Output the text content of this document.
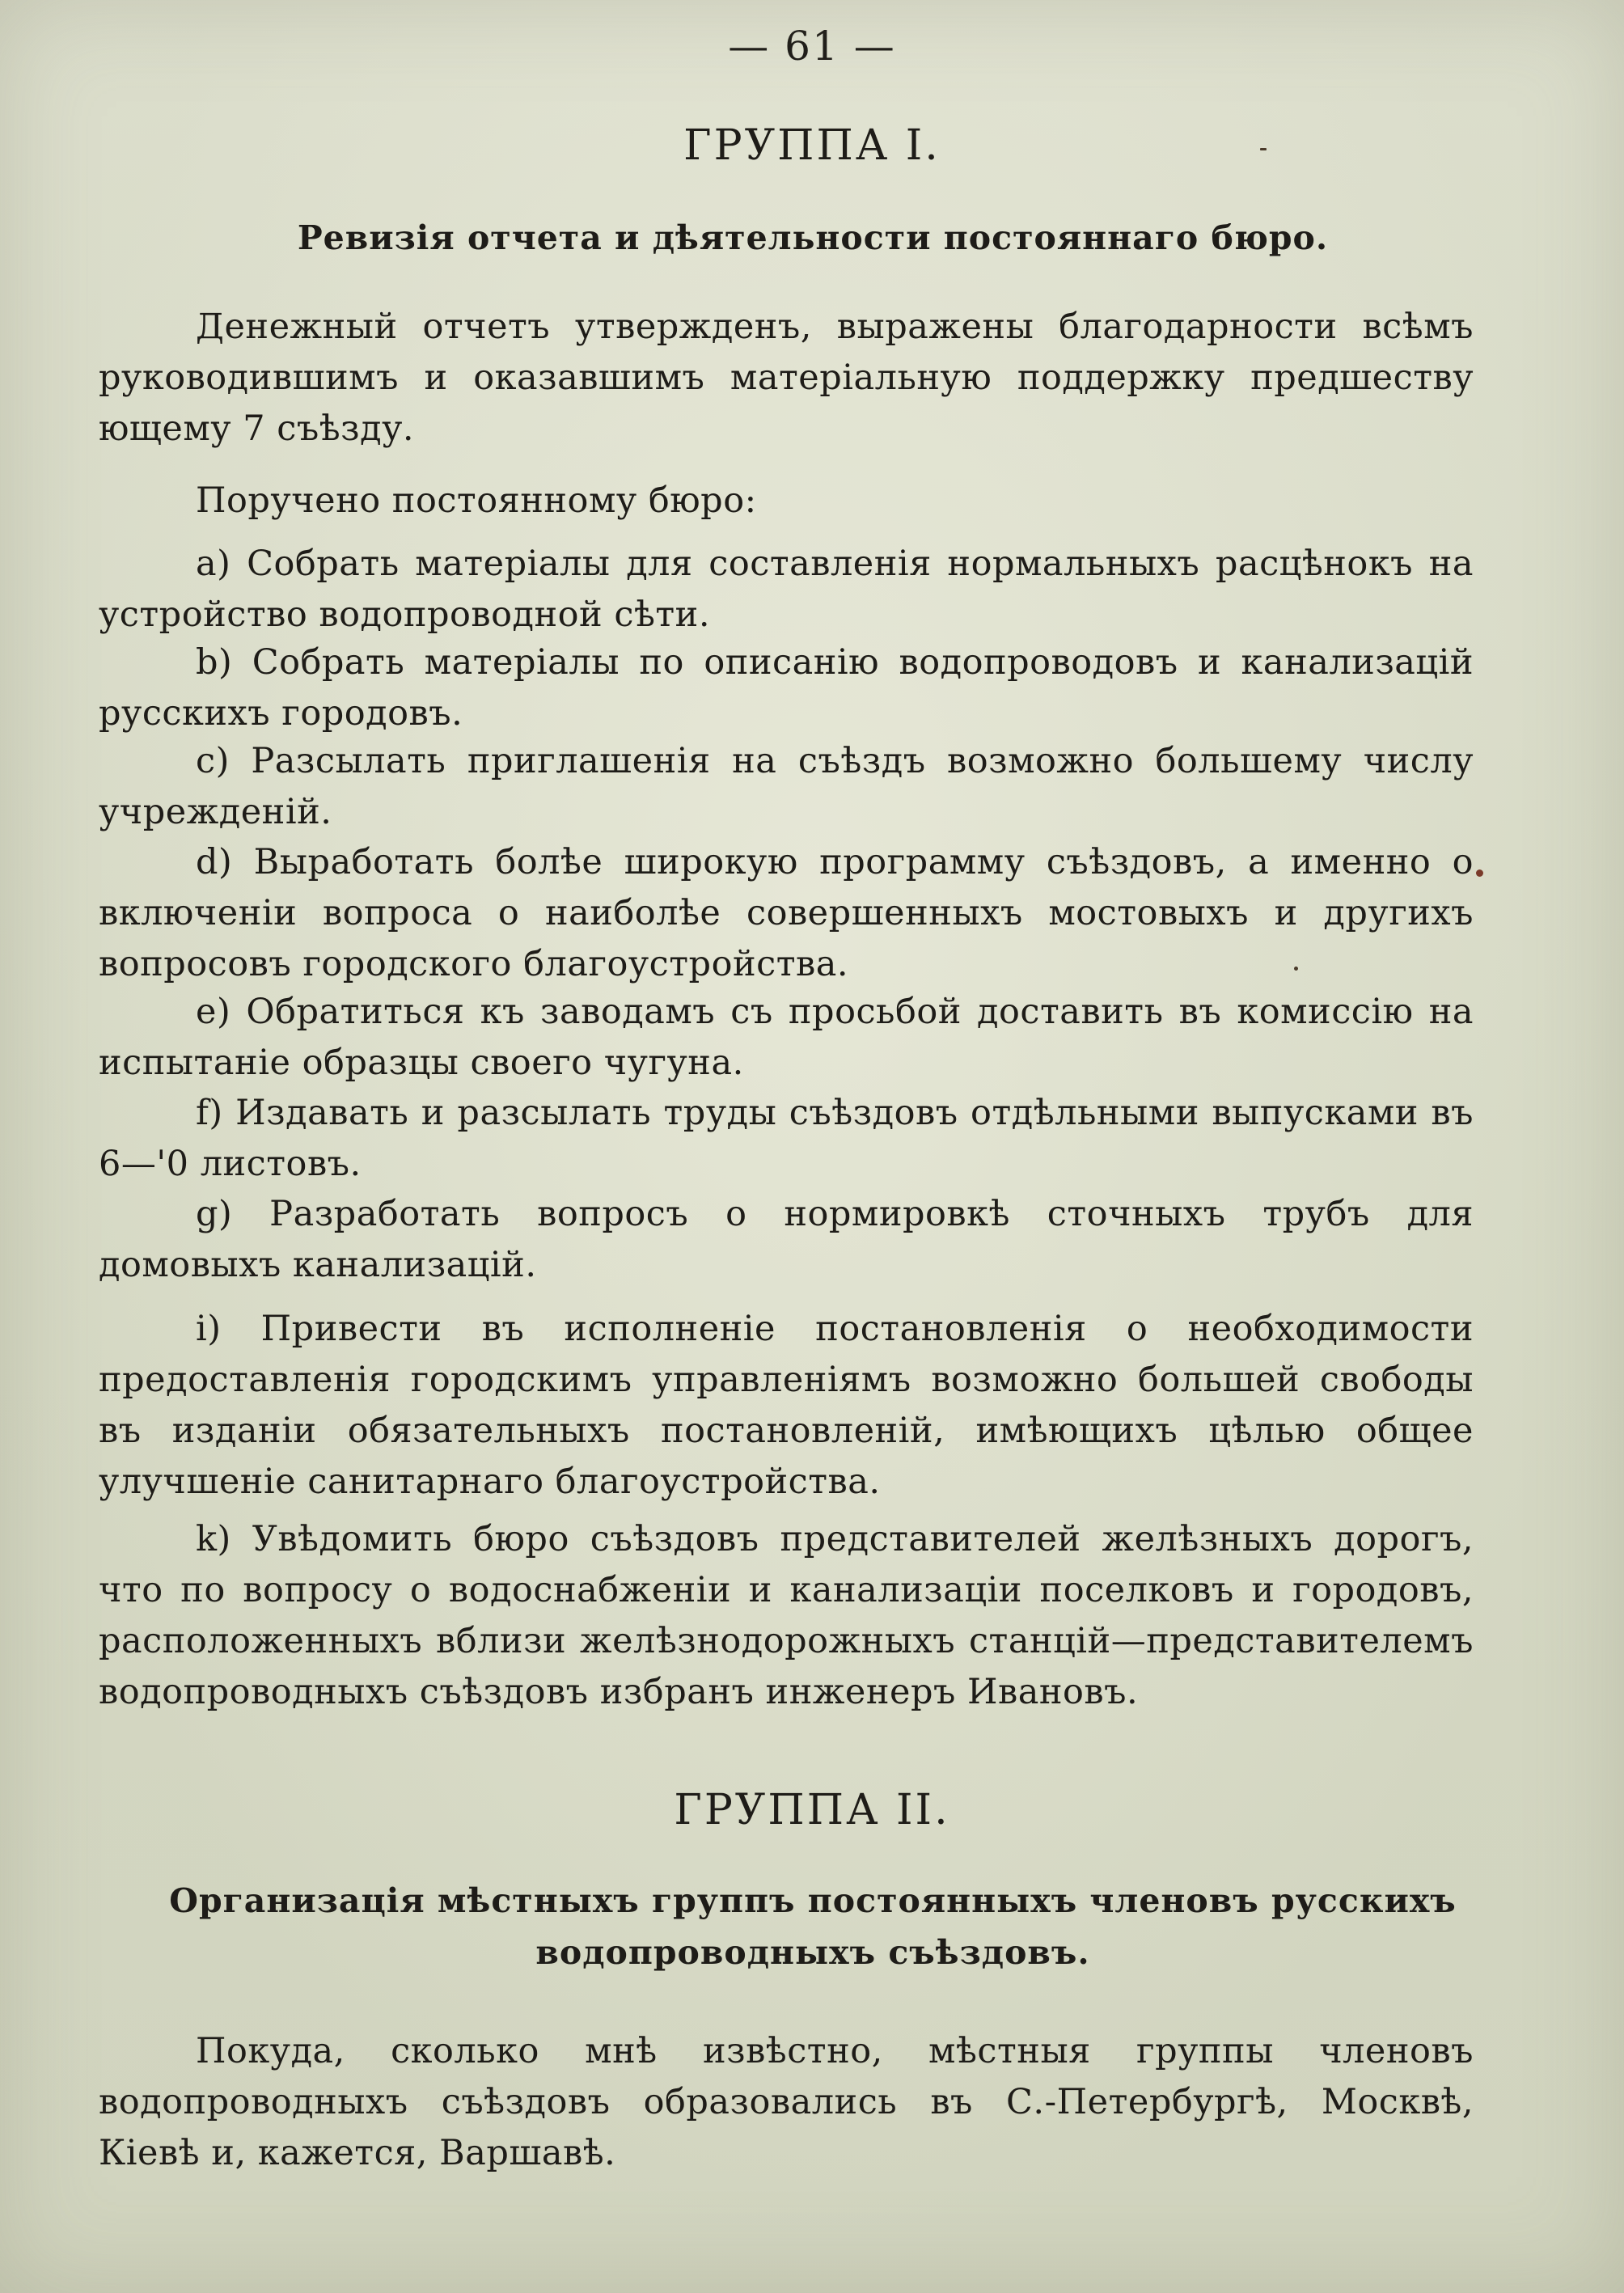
— 61 —
ГРУППА I.
Ревизія отчета и дѣятельности постояннаго бюро.

Денежный отчетъ утвержденъ, выражены благодарности всѣмъ руководившимъ и оказавшимъ матеріальную поддержку предшеству ющему 7 съѣзду.

Поручено постоянному бюро:

a) Собрать матеріалы для составленія нормальныхъ расцѣнокъ на устройство водопроводной сѣти.

b) Собрать матеріалы по описанію водопроводовъ и канализацій русскихъ городовъ.

c) Разсылать приглашенія на съѣздъ возможно большему числу учрежденій.

d) Выработать болѣе широкую программу съѣздовъ, а именно о включеніи вопроса о наиболѣе совершенныхъ мостовыхъ и другихъ вопросовъ городского благоустройства.

e) Обратиться къ заводамъ съ просьбой доставить въ комиссію на испытаніе образцы своего чугуна.

f) Издавать и разсылать труды съѣздовъ отдѣльными выпусками въ 6—'0 листовъ.

g) Разработать вопросъ о нормировкѣ сточныхъ трубъ для домовыхъ канализацій.

i) Привести въ исполненіе постановленія о необходимости предоставленія городскимъ управленіямъ возможно большей свободы въ изданіи обязательныхъ постановленій, имѣющихъ цѣлью общее улучшеніе санитарнаго благоустройства.

k) Увѣдомить бюро съѣздовъ представителей желѣзныхъ дорогъ, что по вопросу о водоснабженіи и канализаціи поселковъ и городовъ, расположенныхъ вблизи желѣзнодорожныхъ станцій—представителемъ водопроводныхъ съѣздовъ избранъ инженеръ Ивановъ.

ГРУППА II.
Организація мѣстныхъ группъ постоянныхъ членовъ русскихъ водопроводныхъ съѣздовъ.

Покуда, сколько мнѣ извѣстно, мѣстныя группы членовъ водопроводныхъ съѣздовъ образовались въ С.-Петербургѣ, Москвѣ, Кіевѣ и, кажется, Варшавѣ.
